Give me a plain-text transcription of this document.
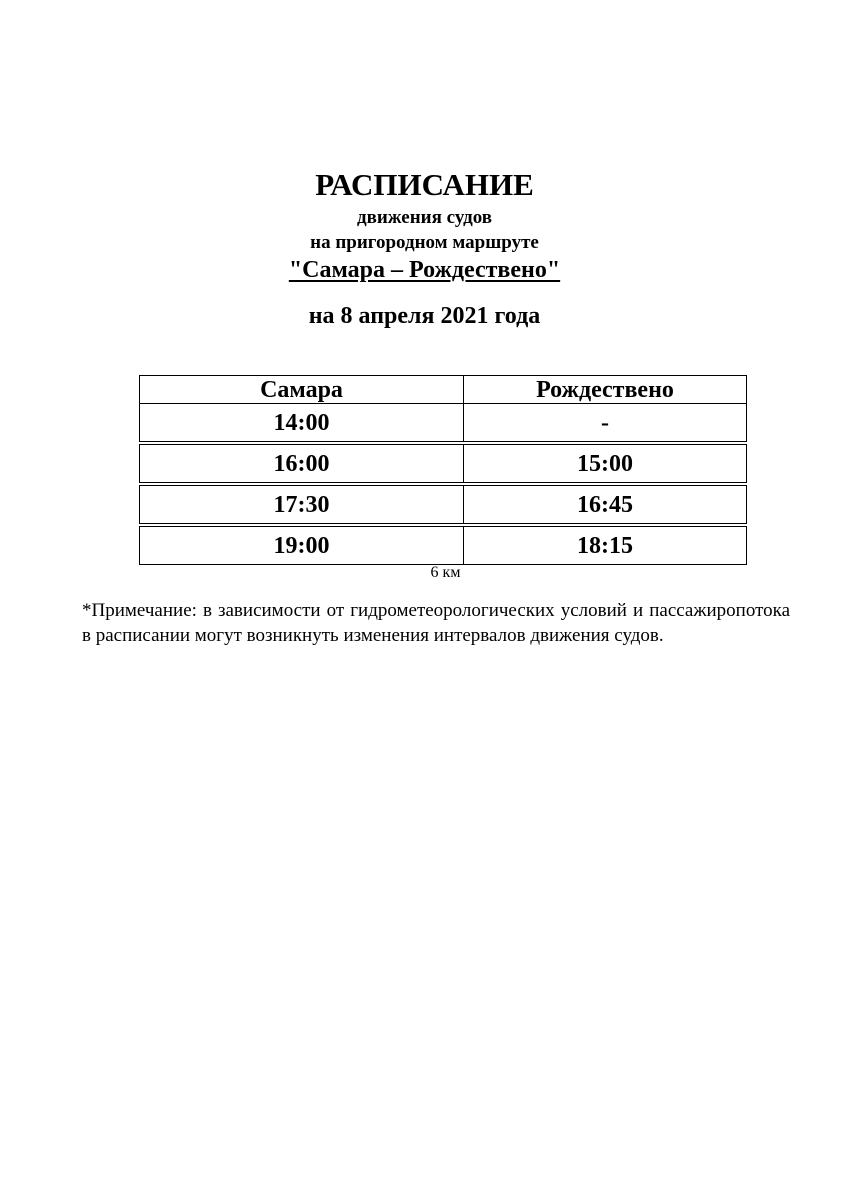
РАСПИСАНИЕ
движения судов
на пригородном маршруте
"Самара – Рождествено"
на 8 апреля 2021 года
Самара	Рождествено
14:00	-

16:00	15:00

17:30	16:45

19:00	18:15
6 км

*Примечание: в зависимости от гидрометеорологических условий и пассажиропотока в расписании могут возникнуть изменения интервалов движения судов.
